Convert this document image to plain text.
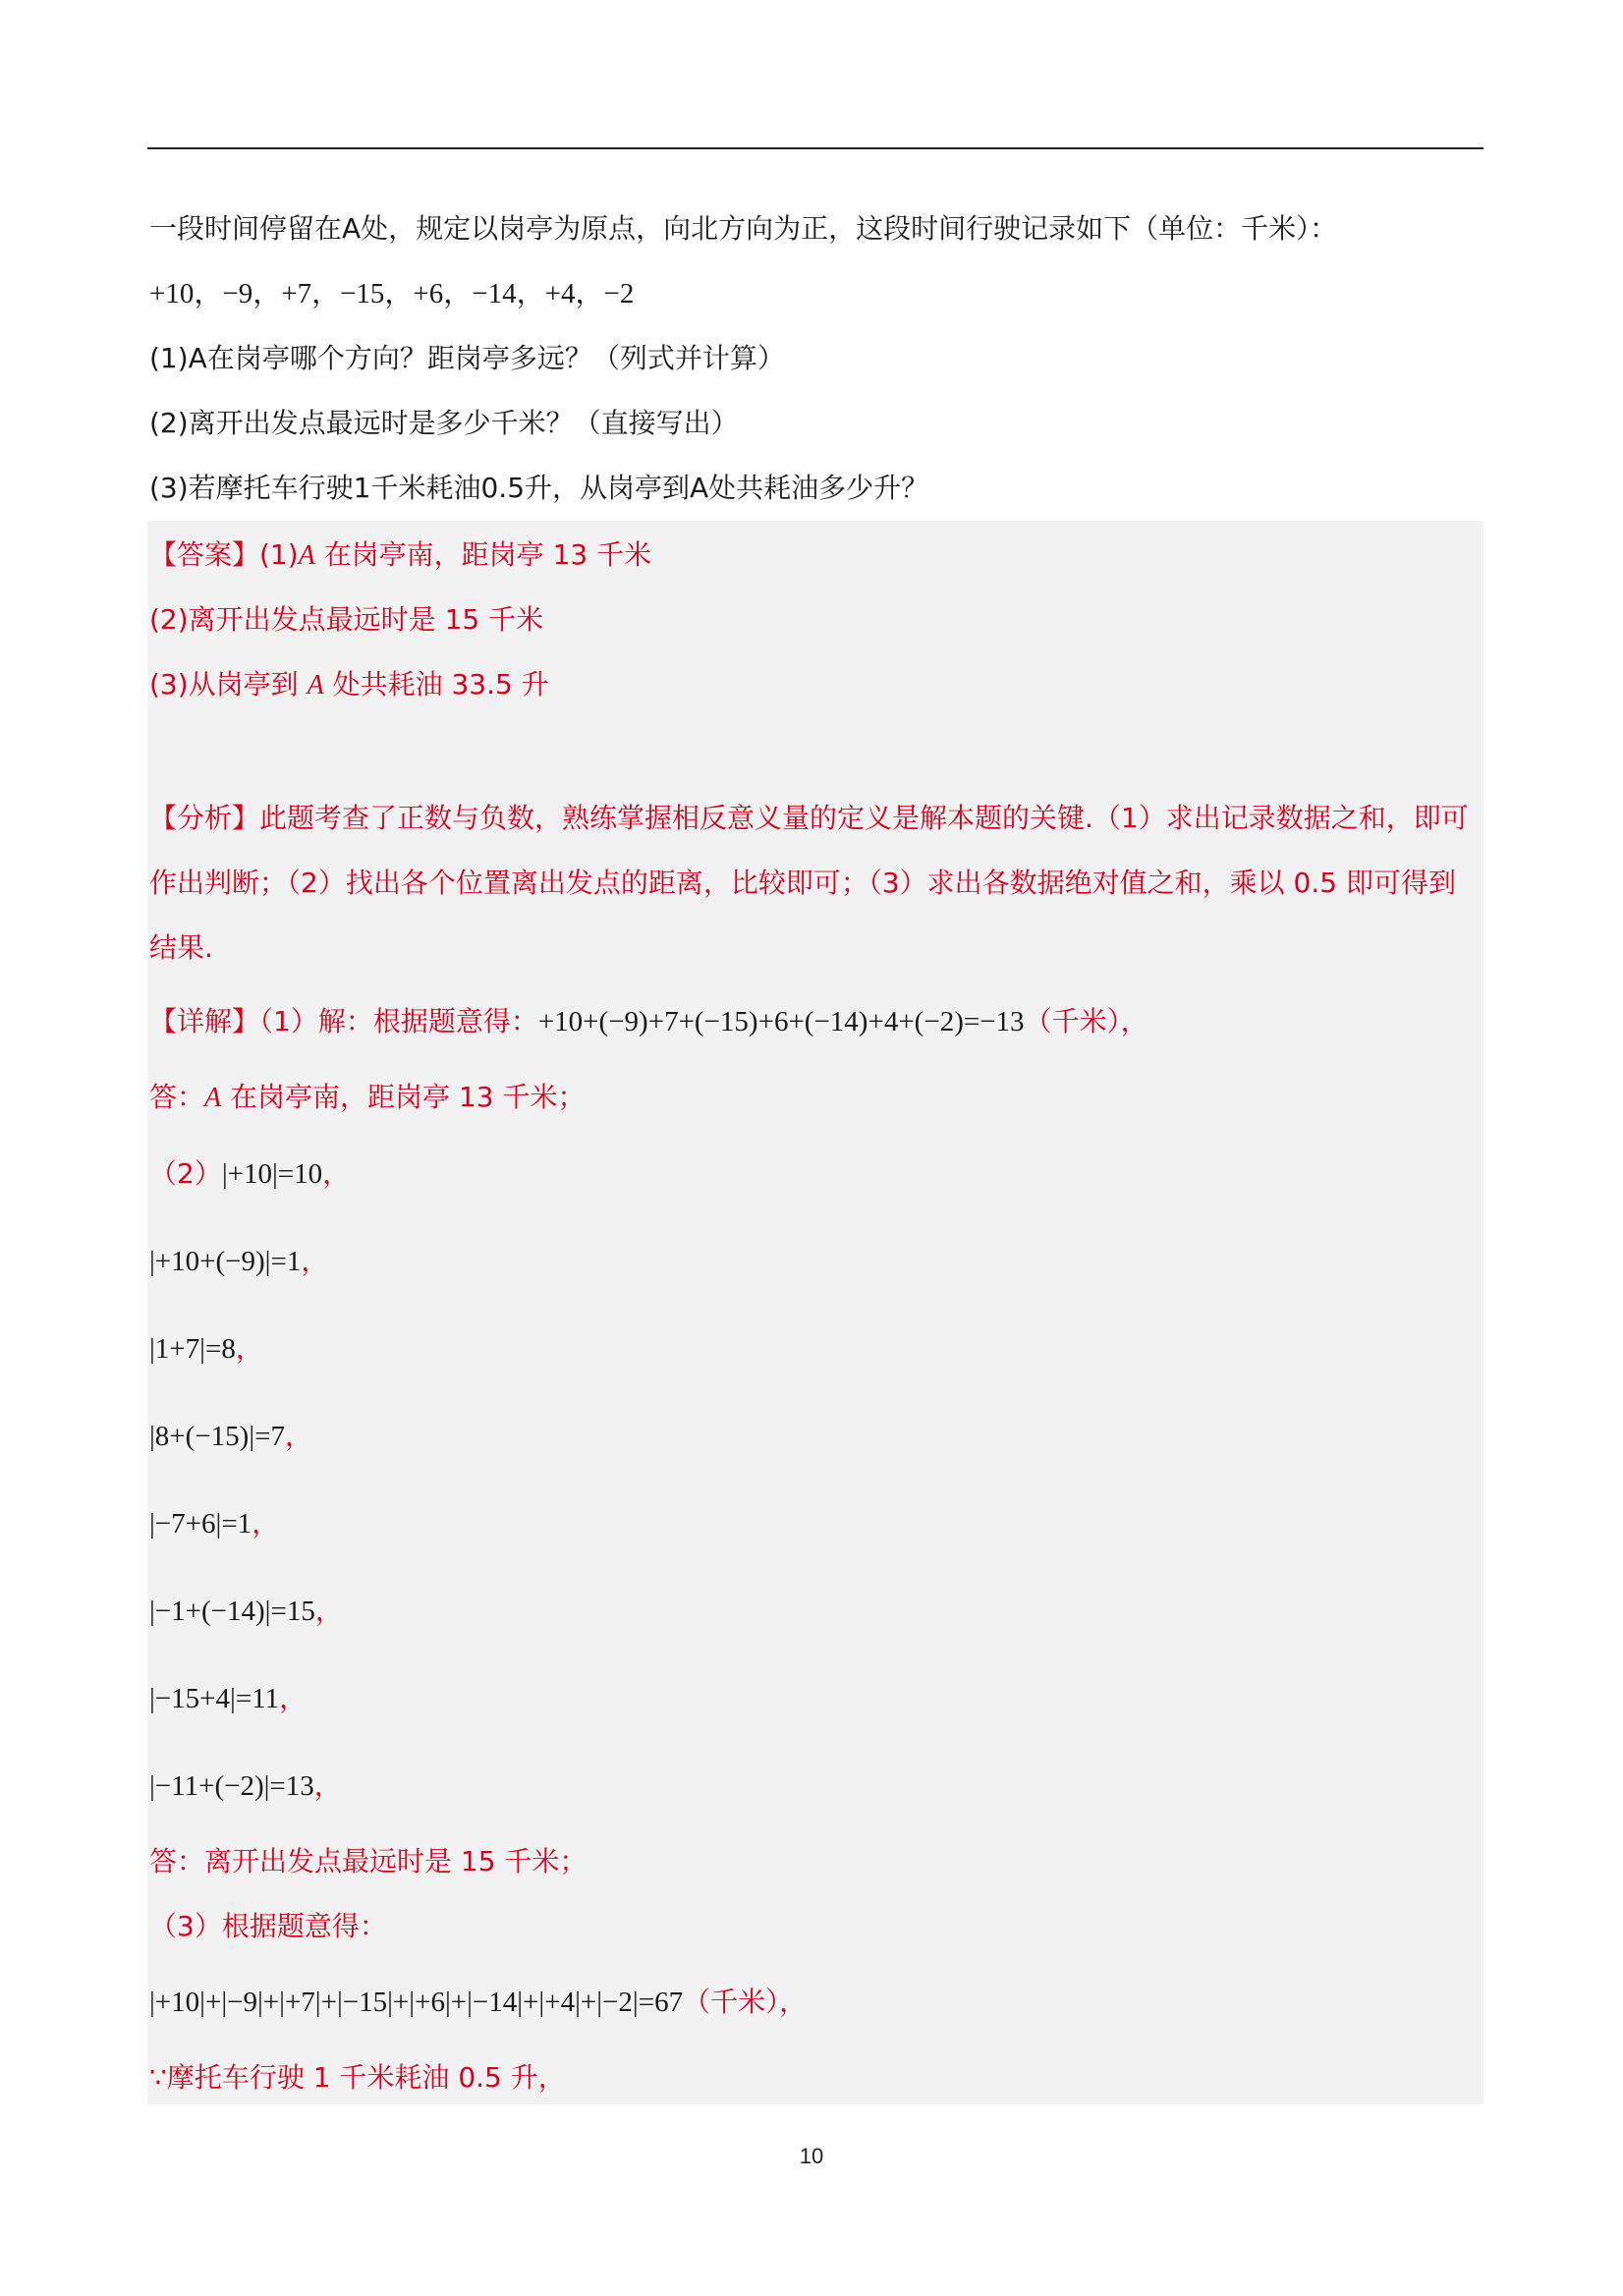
一段时间停留在A处，规定以岗亭为原点，向北方向为正，这段时间行驶记录如下（单位：千米）：
+10，−9，+7，−15，+6，−14，+4，−2
(1)A在岗亭哪个方向？距岗亭多远？（列式并计算）
(2)离开出发点最远时是多少千米？（直接写出）
(3)若摩托车行驶1千米耗油0.5升，从岗亭到A处共耗油多少升？
【答案】(1)A 在岗亭南，距岗亭 13 千米
(2)离开出发点最远时是 15 千米
(3)从岗亭到 A 处共耗油 33.5 升
【分析】此题考查了正数与负数，熟练掌握相反意义量的定义是解本题的关键.（1）求出记录数据之和，即可作出判断；（2）找出各个位置离出发点的距离，比较即可；（3）求出各数据绝对值之和，乘以 0.5 即可得到结果.
【详解】（1）解：根据题意得：+10+(−9)+7+(−15)+6+(−14)+4+(−2)=−13（千米），
答：A 在岗亭南，距岗亭 13 千米；
（2）|+10|=10，
|+10+(−9)|=1，
|1+7|=8，
|8+(−15)|=7，
|−7+6|=1，
|−1+(−14)|=15，
|−15+4|=11，
|−11+(−2)|=13，
答：离开出发点最远时是 15 千米；
（3）根据题意得：
|+10|+|−9|+|+7|+|−15|+|+6|+|−14|+|+4|+|−2|=67（千米），
∵摩托车行驶 1 千米耗油 0.5 升，
10
